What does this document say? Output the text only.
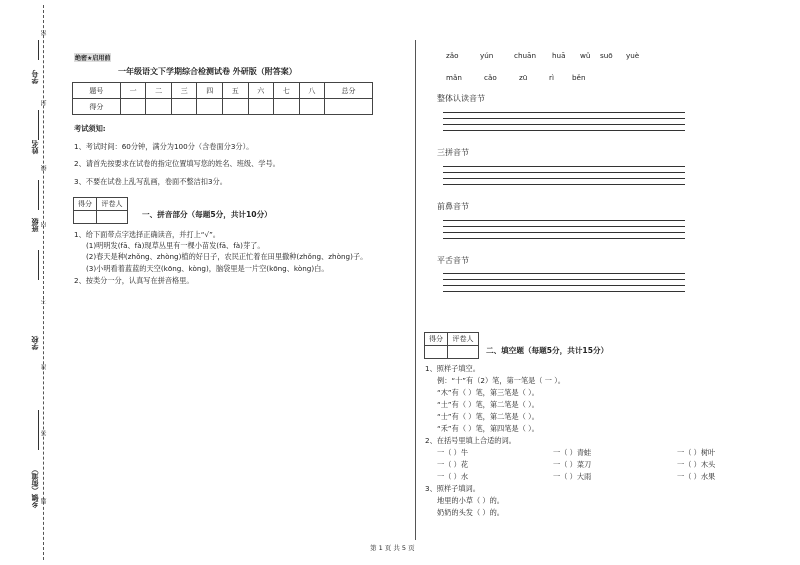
学号
姓名
班级
学校
乡镇（街道）
密
封
线
内
不
准
答
题
绝密★启用前
一年级语文下学期综合检测试卷 外研版（附答案）
题号	一	二	三	四	五	六	七	八	总分
得分									
考试须知:
1、考试时间：60分钟，满分为100分（含卷面分3分）。
2、请首先按要求在试卷的指定位置填写您的姓名、班级、学号。
3、不要在试卷上乱写乱画，卷面不整洁扣3分。
得分	评卷人

一、拼音部分（每题5分，共计10分）
1、给下面带点字选择正确读音，并打上“√”。
(1)明明发(fā、fà)现草丛里有一棵小苗发(fā、fà)芽了。
(2)春天是种(zhǒng、zhòng)植的好日子，农民正忙着在田里撒种(zhǒng、zhòng)子。
(3)小明看着蓝蓝的天空(kōng、kòng)，脑袋里是一片空(kōng、kòng)白。
2、按类分一分，认真写在拼音格里。
zǎo	yún	chuān huā wǔ suō yuè
mǎn	cǎo	zū	rì	běn
整体认读音节
三拼音节
前鼻音节
平舌音节
得分	评卷人

二、填空题（每题5分，共计15分）
1、照样子填空。
例：“十”有（2）笔，第一笔是（ 一 ）。
“木”有（ ）笔，第三笔是（ ）。
“土”有（ ）笔，第二笔是（ ）。
“士”有（ ）笔，第二笔是（ ）。
“禾”有（ ）笔，第四笔是（ ）。
2、在括号里填上合适的词。
一（ ）牛	一（ ）青蛙	一（ ）树叶
一（ ）花	一（ ）菜刀	一（ ）木头
一（ ）水	一（ ）大雨	一（ ）水果
3、照样子填词。
地里的小草（ ）的。
奶奶的头发（ ）的。
第 1 页 共 5 页
